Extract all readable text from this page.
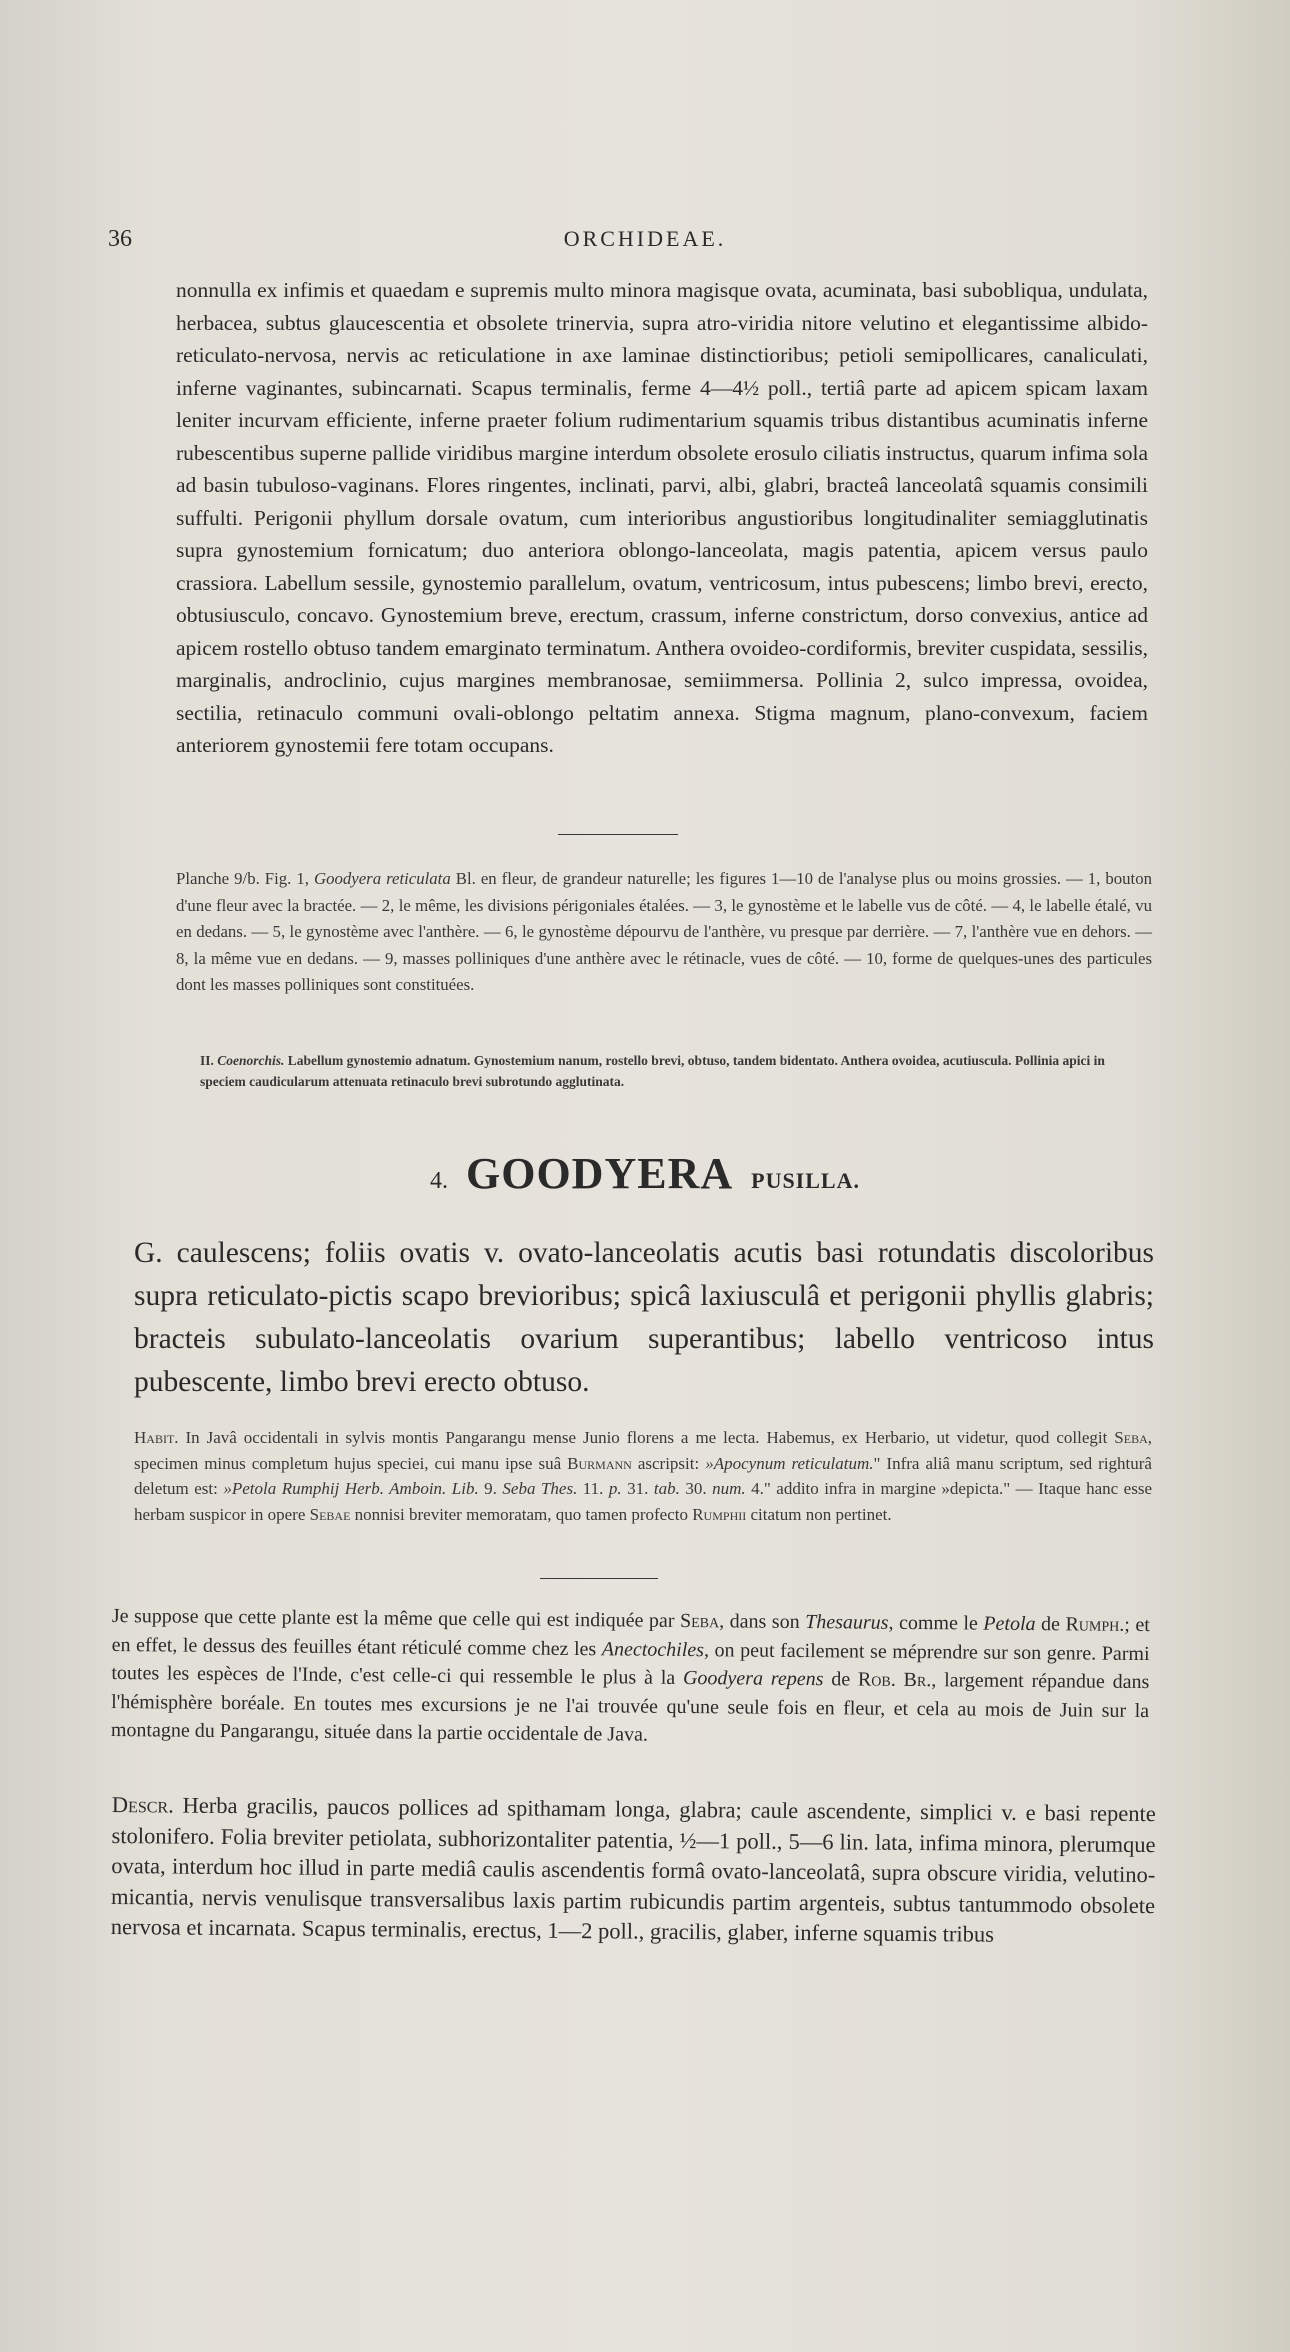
36	ORCHIDEAE.

nonnulla ex infimis et quaedam e supremis multo minora magisque ovata, acuminata, basi subobliqua, undulata, herbacea, subtus glaucescentia et obsolete trinervia, supra atro-viridia nitore velutino et elegantissime albido-reticulato-nervosa, nervis ac reticulatione in axe laminae distinctioribus; petioli semipollicares, canaliculati, inferne vaginantes, subincarnati. Scapus terminalis, ferme 4—4½ poll., tertiâ parte ad apicem spicam laxam leniter incurvam efficiente, inferne praeter folium rudimentarium squamis tribus distantibus acuminatis inferne rubescentibus superne pallide viridibus margine interdum obsolete erosulo ciliatis instructus, quarum infima sola ad basin tubuloso-vaginans. Flores ringentes, inclinati, parvi, albi, glabri, bracteâ lanceolatâ squamis consimili suffulti. Perigonii phyllum dorsale ovatum, cum interioribus angustioribus longitudinaliter semiagglutinatis supra gynostemium fornicatum; duo anteriora oblongo-lanceolata, magis patentia, apicem versus paulo crassiora. Labellum sessile, gynostemio parallelum, ovatum, ventricosum, intus pubescens; limbo brevi, erecto, obtusiusculo, concavo. Gynostemium breve, erectum, crassum, inferne constrictum, dorso convexius, antice ad apicem rostello obtuso tandem emarginato terminatum. Anthera ovoideo-cordiformis, breviter cuspidata, sessilis, marginalis, androclinio, cujus margines membranosae, semiimmersa. Pollinia 2, sulco impressa, ovoidea, sectilia, retinaculo communi ovali-oblongo peltatim annexa. Stigma magnum, plano-convexum, faciem anteriorem gynostemii fere totam occupans.

Planche 9/b. Fig. 1, Goodyera reticulata Bl. en fleur, de grandeur naturelle; les figures 1—10 de l'analyse plus ou moins grossies. — 1, bouton d'une fleur avec la bractée. — 2, le même, les divisions périgoniales étalées. — 3, le gynostème et le labelle vus de côté. — 4, le labelle étalé, vu en dedans. — 5, le gynostème avec l'anthère. — 6, le gynostème dépourvu de l'anthère, vu presque par derrière. — 7, l'anthère vue en dehors. — 8, la même vue en dedans. — 9, masses polliniques d'une anthère avec le rétinacle, vues de côté. — 10, forme de quelques-unes des particules dont les masses polliniques sont constituées.

II. Coenorchis. Labellum gynostemio adnatum. Gynostemium nanum, rostello brevi, obtuso, tandem bidentato. Anthera ovoidea, acutiuscula. Pollinia apici in speciem caudicularum attenuata retinaculo brevi subrotundo agglutinata.

4. GOODYERA PUSILLA.

G. caulescens; foliis ovatis v. ovato-lanceolatis acutis basi rotundatis discoloribus supra reticulato-pictis scapo brevioribus; spicâ laxiusculâ et perigonii phyllis glabris; bracteis subulato-lanceolatis ovarium superantibus; labello ventricoso intus pubescente, limbo brevi erecto obtuso.

Habit. In Javâ occidentali in sylvis montis Pangarangu mense Junio florens a me lecta. Habemus, ex Herbario, ut videtur, quod collegit Seba, specimen minus completum hujus speciei, cui manu ipse suâ Burmann ascripsit: »Apocynum reticulatum." Infra aliâ manu scriptum, sed righturâ deletum est: »Petola Rumphij Herb. Amboin. Lib. 9. Seba Thes. 11. p. 31. tab. 30. num. 4." addito infra in margine »depicta." — Itaque hanc esse herbam suspicor in opere Sebae nonnisi breviter memoratam, quo tamen profecto Rumphii citatum non pertinet.

Je suppose que cette plante est la même que celle qui est indiquée par Seba, dans son Thesaurus, comme le Petola de Rumph.; et en effet, le dessus des feuilles étant réticulé comme chez les Anectochiles, on peut facilement se méprendre sur son genre. Parmi toutes les espèces de l'Inde, c'est celle-ci qui ressemble le plus à la Goodyera repens de Rob. Br., largement répandue dans l'hémisphère boréale. En toutes mes excursions je ne l'ai trouvée qu'une seule fois en fleur, et cela au mois de Juin sur la montagne du Pangarangu, située dans la partie occidentale de Java.

Descr. Herba gracilis, paucos pollices ad spithamam longa, glabra; caule ascendente, simplici v. e basi repente stolonifero. Folia breviter petiolata, subhorizontaliter patentia, ½—1 poll., 5—6 lin. lata, infima minora, plerumque ovata, interdum hoc illud in parte mediâ caulis ascendentis formâ ovato-lanceolatâ, supra obscure viridia, velutino-micantia, nervis venulisque transversalibus laxis partim rubicundis partim argenteis, subtus tantummodo obsolete nervosa et incarnata. Scapus terminalis, erectus, 1—2 poll., gracilis, glaber, inferne squamis tribus
